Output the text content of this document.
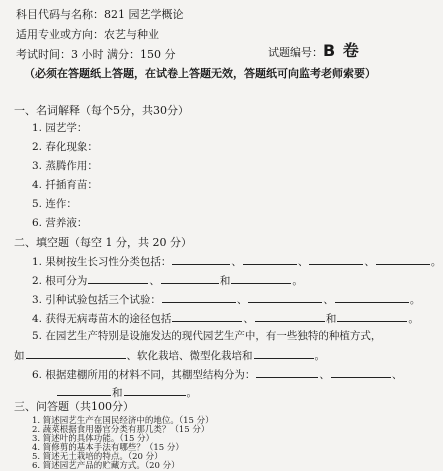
科目代码与名称：821 园艺学概论
适用专业或方向：农艺与种业
考试时间：3 小时 满分：150 分	试题编号：B 卷
（必须在答题纸上答题，在试卷上答题无效，答题纸可向监考老师索要）
一、名词解释（每个5分，共30分）
1. 园艺学：
2. 春化现象：
3. 蒸腾作用：
4. 扦插育苗：
5. 连作：
6. 营养液：
二、填空题（每空 1 分，共 20 分）
1. 果树按生长习性分类包括：	、	、	、	。
2. 根可分为	、	和	。
3. 引种试验包括三个试验：	、	、	。
4. 获得无病毒苗木的途径包括	、	和	。
5. 在园艺生产特别是设施发达的现代园艺生产中，有一些独特的种植方式，
如	、软化栽培、微型化栽培和	。
6. 根据建棚所用的材料不同，其棚型结构分为：	、	、
和	。
三、问答题（共100分）
1. 简述园艺生产在国民经济中的地位。（15 分）
2. 蔬菜根据食用器官分类有那几类？（15 分）
3. 简述叶的具体功能。（15 分）
4. 简修剪的基本手法有哪些？（15 分）
5. 简述无土栽培的特点。（20 分）
6. 简述园艺产品的贮藏方式。（20 分）
